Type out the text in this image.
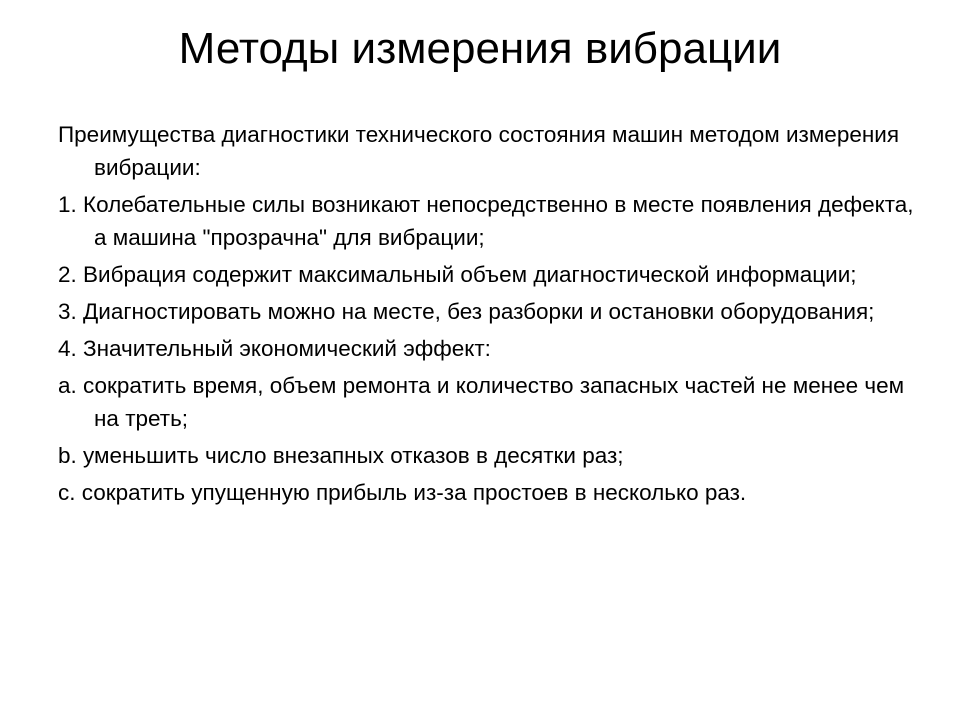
Методы измерения вибрации
Преимущества диагностики технического состояния машин методом измерения вибрации:
1. Колебательные силы возникают непосредственно в месте появления дефекта, а машина "прозрачна" для вибрации;
2. Вибрация содержит максимальный объем диагностической информации;
3. Диагностировать можно на месте, без разборки и остановки оборудования;
4. Значительный экономический эффект:
a. сократить время, объем ремонта и количество запасных частей не менее чем на треть;
b. уменьшить число внезапных отказов в десятки раз;
c. сократить упущенную прибыль из-за простоев в несколько раз.
